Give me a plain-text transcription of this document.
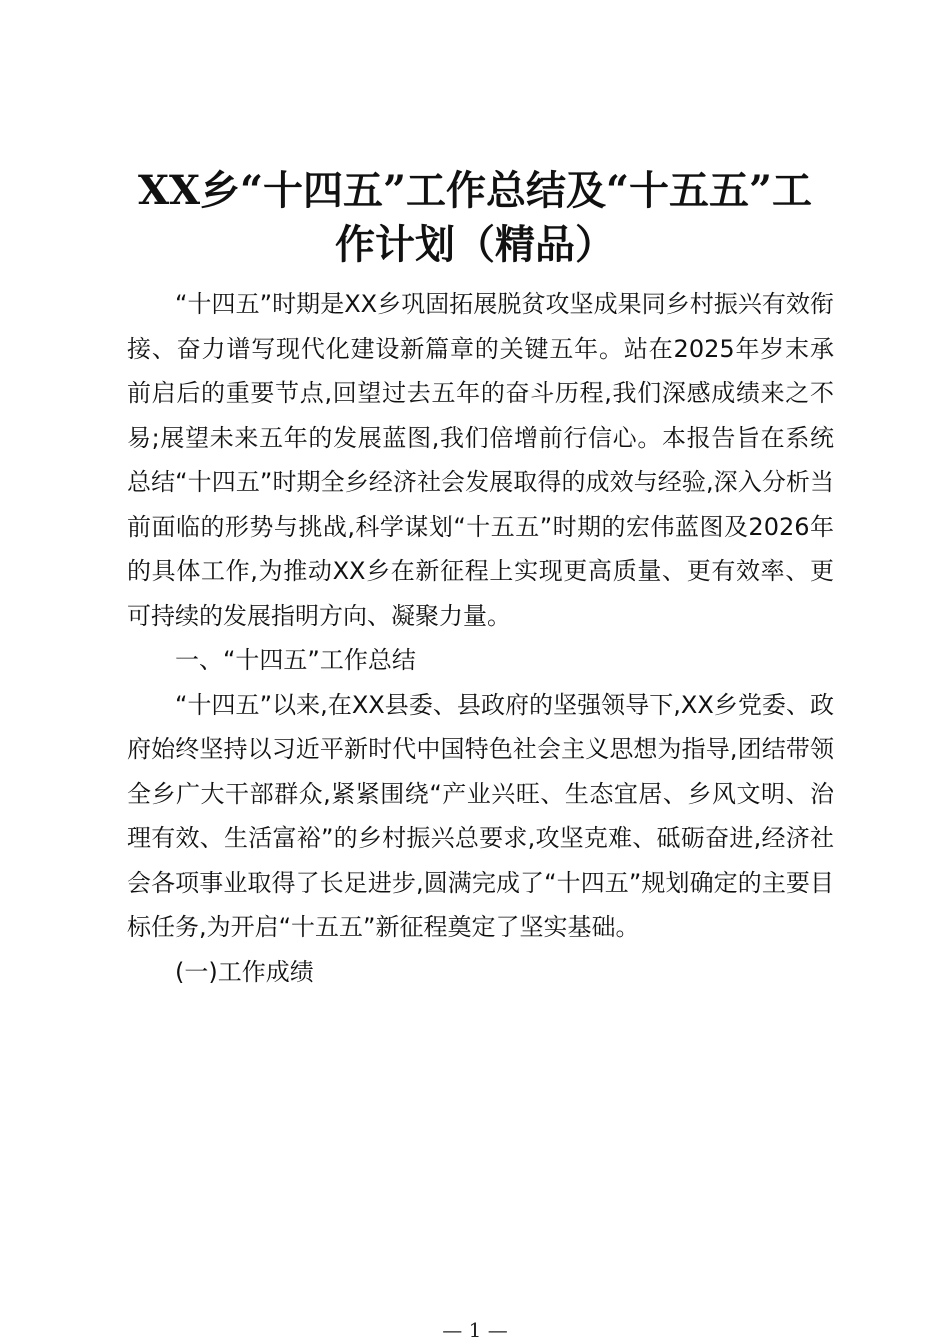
XX乡“十四五”工作总结及“十五五”工作计划（精品）

“十四五”时期是XX乡巩固拓展脱贫攻坚成果同乡村振兴有效衔接、奋力谱写现代化建设新篇章的关键五年。站在2025年岁末承前启后的重要节点,回望过去五年的奋斗历程,我们深感成绩来之不易;展望未来五年的发展蓝图,我们倍增前行信心。本报告旨在系统总结“十四五”时期全乡经济社会发展取得的成效与经验,深入分析当前面临的形势与挑战,科学谋划“十五五”时期的宏伟蓝图及2026年的具体工作,为推动XX乡在新征程上实现更高质量、更有效率、更可持续的发展指明方向、凝聚力量。

一、“十四五”工作总结

“十四五”以来,在XX县委、县政府的坚强领导下,XX乡党委、政府始终坚持以习近平新时代中国特色社会主义思想为指导,团结带领全乡广大干部群众,紧紧围绕“产业兴旺、生态宜居、乡风文明、治理有效、生活富裕”的乡村振兴总要求,攻坚克难、砥砺奋进,经济社会各项事业取得了长足进步,圆满完成了“十四五”规划确定的主要目标任务,为开启“十五五”新征程奠定了坚实基础。

(一)工作成绩

— 1 —
